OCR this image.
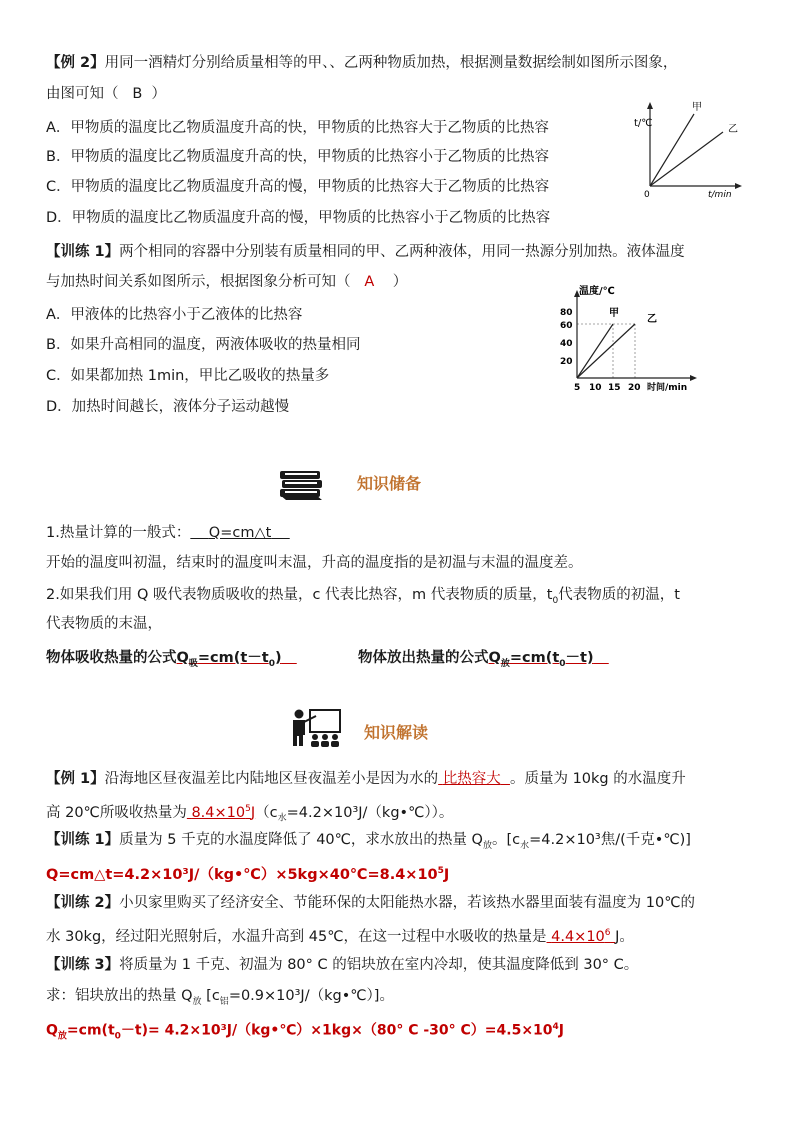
【例 2】用同一酒精灯分别给质量相等的甲、、乙两种物质加热，根据测量数据绘制如图所示图象，
由图可知（ B ）
A．甲物质的温度比乙物质温度升高的快，甲物质的比热容大于乙物质的比热容
B．甲物质的温度比乙物质温度升高的快，甲物质的比热容小于乙物质的比热容
C．甲物质的温度比乙物质温度升高的慢，甲物质的比热容大于乙物质的比热容
D．甲物质的温度比乙物质温度升高的慢，甲物质的比热容小于乙物质的比热容
t/℃
t/min
0
甲
乙
【训练 1】两个相同的容器中分别装有质量相同的甲、乙两种液体，用同一热源分别加热。液体温度
与加热时间关系如图所示，根据图象分析可知（ A ）
A．甲液体的比热容小于乙液体的比热容
B．如果升高相同的温度，两液体吸收的热量相同
C．如果都加热 1min，甲比乙吸收的热量多
D．加热时间越长，液体分子运动越慢
温度/℃
80
60
40
20
5 10 15 20 时间/min
甲
乙
知识储备
1.热量计算的一般式： Q=cm△t
开始的温度叫初温，结束时的温度叫末温，升高的温度指的是初温与末温的温度差。
2.如果我们用 Q 吸代表物质吸收的热量，c 代表比热容，m 代表物质的质量，$t_0$代表物质的初温，t
代表物质的末温，
物体吸收热量的公式$Q_吸=cm(t-t_0)$	物体放出热量的公式$Q_放=cm(t_0-t)$
知识解读
【例 1】沿海地区昼夜温差比内陆地区昼夜温差小是因为水的 比热容大 。质量为 10kg 的水温度升
高 20℃所吸收热量为 $8.4\times 10^5J(c_水=4.2\times 10^3J/(kg•℃))$。
【训练 1】质量为 5 千克的水温度降低了 40℃，求水放出的热量 $Q_放$。[$c_水=4.2\times 10^3$焦/(千克•℃)]
$Q=cm\triangle t=4.2\times 10^3J/(kg•℃)\times 5kg\times 40℃=8.4\times 10^5J$
【训练 2】小贝家里购买了经济安全、节能环保的太阳能热水器，若该热水器里面装有温度为 10℃的
水 30kg，经过阳光照射后，水温升高到 45℃，在这一过程中水吸收的热量是 $4.4\times 10^6$ J。
【训练 3】将质量为 1 千克、初温为 80° C 的铝块放在室内冷却，使其温度降低到 30° C。
求：铝块放出的热量 $Q_放$ $[c_铝=0.9\times 10^3J/(kg•℃)]$。
$Q_放=cm(t_0-t)=$ 4.2×10³J/（kg•℃）×1kg×（80° C -30° $C)=4.5\times 10^4J$
